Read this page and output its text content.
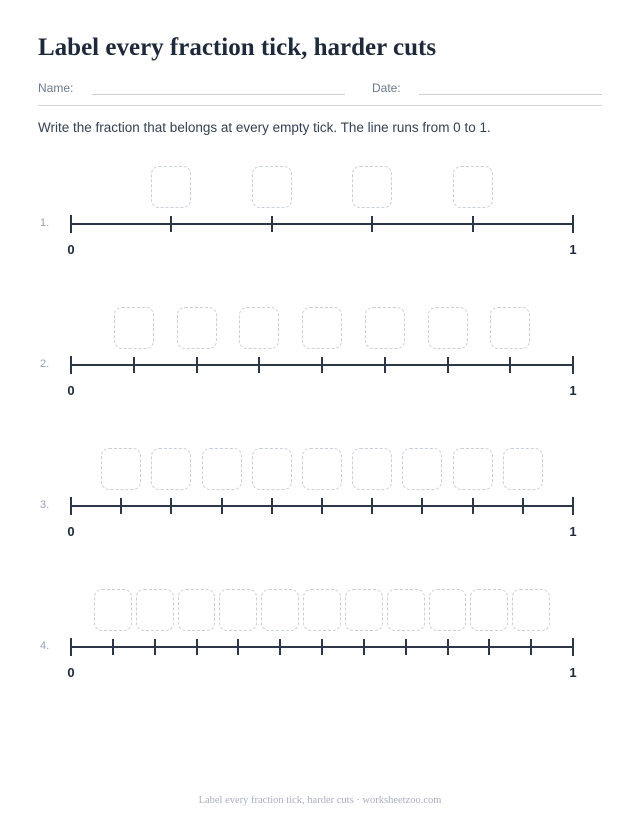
Label every fraction tick, harder cuts
Name:	Date:
Write the fraction that belongs at every empty tick. The line runs from 0 to 1.
1.
0	1
2.
0	1
3.
0	1
4.
0	1
Label every fraction tick, harder cuts · worksheetzoo.com
